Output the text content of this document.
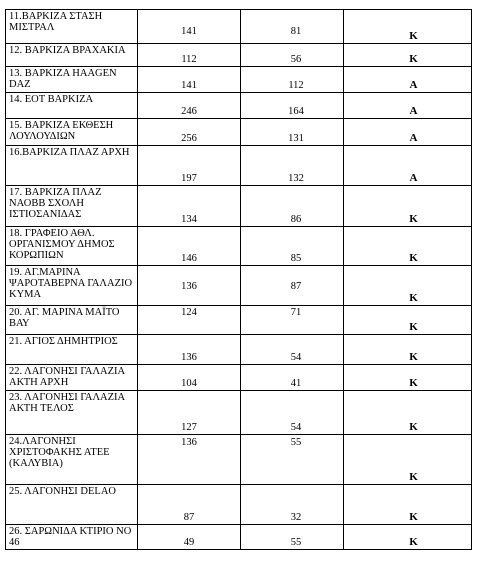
11.ΒΑΡΚΙΖΑ ΣΤΑΣΗ ΜΙΣΤΡΑΛ	141	81	Κ
12. ΒΑΡΚΙΖΑ ΒΡΑΧΑΚΙΑ	112	56	Κ
13. ΒΑΡΚΙΖΑ ΗΑΑGEN DAZ	141	112	Α
14. ΕΟΤ ΒΑΡΚΙΖΑ	246	164	Α
15. ΒΑΡΚΙΖΑ ΕΚΘΕΣΗ ΛΟΥΛΟΥΔΙΩΝ	256	131	Α
16.ΒΑΡΚΙΖΑ ΠΛΑΖ ΑΡΧΗ	197	132	Α
17. ΒΑΡΚΙΖΑ ΠΛΑΖ ΝΑΟΒΒ ΣΧΟΛΗ ΙΣΤΙΟΣΑΝΙΔΑΣ	134	86	Κ
18. ΓΡΑΦΕΙΟ ΑΘΛ. ΟΡΓΑΝΙΣΜΟΥ ΔΗΜΟΣ ΚΟΡΩΠΙΩΝ	146	85	Κ
19. ΑΓ.ΜΑΡΙΝΑ ΨΑΡΟΤΑΒΕΡΝΑ ΓΑΛΑΖΙΟ ΚΥΜΑ	136	87	Κ
20. ΑΓ. ΜΑΡΙΝΑ ΜΑΪΤΟ ΒΑΥ	124	71	Κ
21. ΑΓΙΟΣ ΔΗΜΗΤΡΙΟΣ	136	54	Κ
22. ΛΑΓΟΝΗΣΙ ΓΑΛΑΖΙΑ ΑΚΤΗ ΑΡΧΗ	104	41	Κ
23. ΛΑΓΟΝΗΣΙ ΓΑΛΑΖΙΑ ΑΚΤΗ ΤΕΛΟΣ	127	54	Κ
24.ΛΑΓΟΝΗΣΙ ΧΡΙΣΤΟΦΑΚΗΣ ΑΤΕΕ (ΚΑΛΥΒΙΑ)	136	55	Κ
25. ΛΑΓΟΝΗΣΙ DELAO	87	32	Κ
26. ΣΑΡΩΝΙΔΑ ΚΤΙΡΙΟ ΝΟ 46	49	55	Κ
